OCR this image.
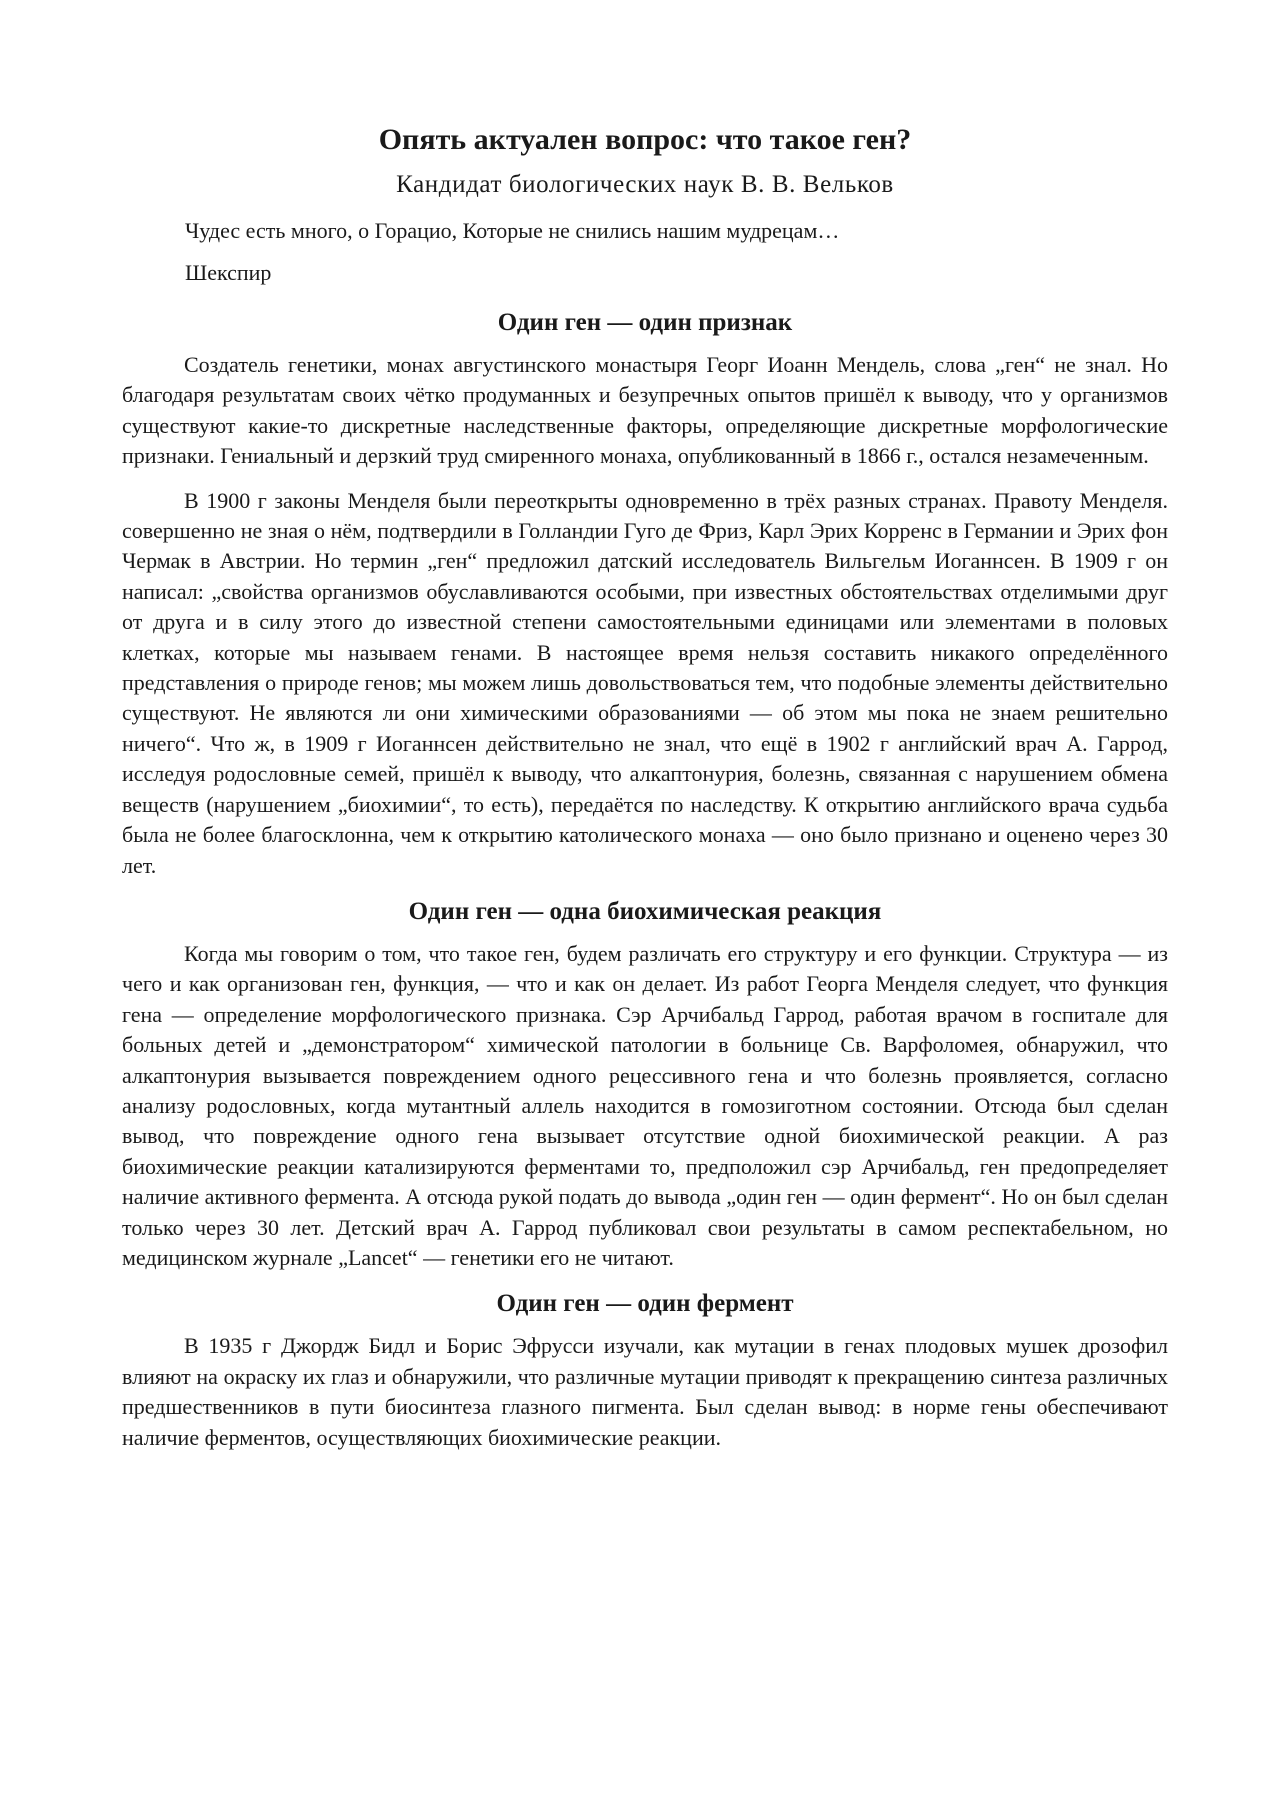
Опять актуален вопрос: что такое ген?
Кандидат биологических наук В. В. Вельков
Чудес есть много, о Горацио, Которые не снились нашим мудрецам…
Шекспир
Один ген — один признак

Создатель генетики, монах августинского монастыря Георг Иоанн Мендель, слова „ген“ не знал. Но благодаря результатам своих чётко продуманных и безупречных опытов пришёл к выводу, что у организмов существуют какие-то дискретные наследственные факторы, определяющие дискретные морфологические признаки. Гениальный и дерзкий труд смиренного монаха, опубликованный в 1866 г., остался незамеченным.

В 1900 г законы Менделя были переоткрыты одновременно в трёх разных странах. Правоту Менделя. совершенно не зная о нём, подтвердили в Голландии Гуго де Фриз, Карл Эрих Корренс в Германии и Эрих фон Чермак в Австрии. Но термин „ген“ предложил датский исследователь Вильгельм Иоганнсен. В 1909 г он написал: „свойства организмов обуславливаются особыми, при известных обстоятельствах отделимыми друг от друга и в силу этого до известной степени самостоятельными единицами или элементами в половых клетках, которые мы называем генами. В настоящее время нельзя составить никакого определённого представления о природе генов; мы можем лишь довольствоваться тем, что подобные элементы действительно существуют. Не являются ли они химическими образованиями — об этом мы пока не знаем решительно ничего“. Что ж, в 1909 г Иоганнсен действительно не знал, что ещё в 1902 г английский врач А. Гаррод, исследуя родословные семей, пришёл к выводу, что алкаптонурия, болезнь, связанная с нарушением обмена веществ (нарушением „биохимии“, то есть), передаётся по наследству. К открытию английского врача судьба была не более благосклонна, чем к открытию католического монаха — оно было признано и оценено через 30 лет.

Один ген — одна биохимическая реакция

Когда мы говорим о том, что такое ген, будем различать его структуру и его функции. Структура — из чего и как организован ген, функция, — что и как он делает. Из работ Георга Менделя следует, что функция гена — определение морфологического признака. Сэр Арчибальд Гаррод, работая врачом в госпитале для больных детей и „демонстратором“ химической патологии в больнице Св. Варфоломея, обнаружил, что алкаптонурия вызывается повреждением одного рецессивного гена и что болезнь проявляется, согласно анализу родословных, когда мутантный аллель находится в гомозиготном состоянии. Отсюда был сделан вывод, что повреждение одного гена вызывает отсутствие одной биохимической реакции. А раз биохимические реакции катализируются ферментами то, предположил сэр Арчибальд, ген предопределяет наличие активного фермента. А отсюда рукой подать до вывода „один ген — один фермент“. Но он был сделан только через 30 лет. Детский врач А. Гаррод публиковал свои результаты в самом респектабельном, но медицинском журнале „Lancet“ — генетики его не читают.

Один ген — один фермент

В 1935 г Джордж Бидл и Борис Эфрусси изучали, как мутации в генах плодовых мушек дрозофил влияют на окраску их глаз и обнаружили, что различные мутации приводят к прекращению синтеза различных предшественников в пути биосинтеза глазного пигмента. Был сделан вывод: в норме гены обеспечивают наличие ферментов, осуществляющих биохимические реакции.
